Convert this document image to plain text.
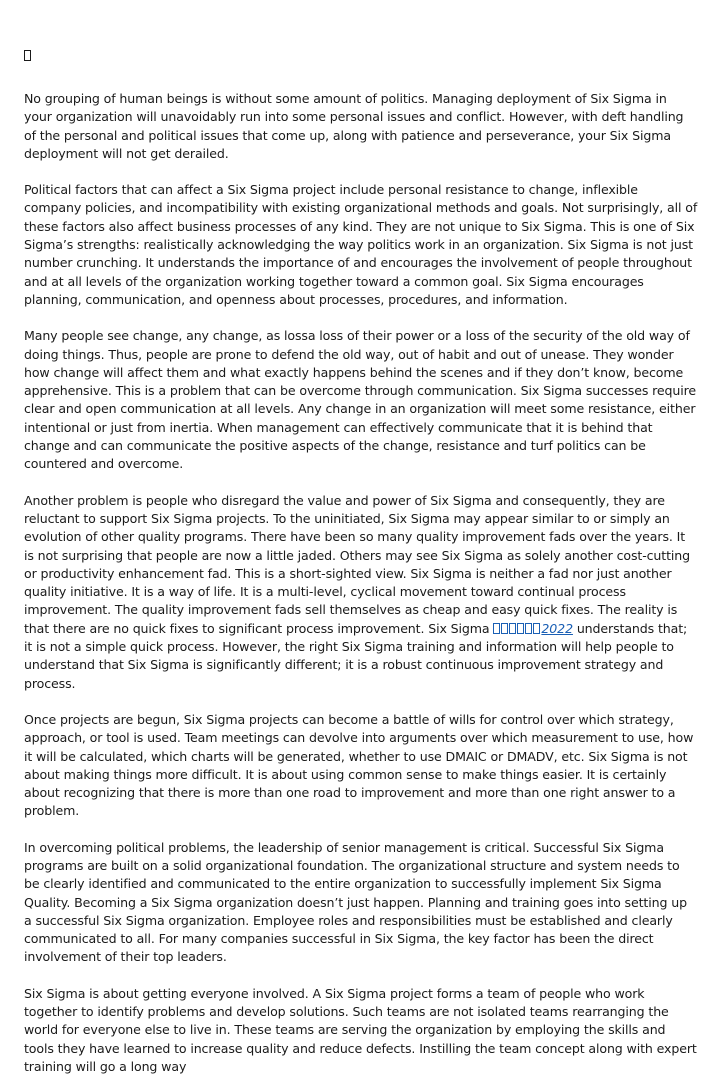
No grouping of human beings is without some amount of politics. Managing deployment of Six Sigma in your organization will unavoidably run into some personal issues and conflict. However, with deft handling of the personal and political issues that come up, along with patience and perseverance, your Six Sigma deployment will not get derailed.

Political factors that can affect a Six Sigma project include personal resistance to change, inflexible company policies, and incompatibility with existing organizational methods and goals. Not surprisingly, all of these factors also affect business processes of any kind. They are not unique to Six Sigma. This is one of Six Sigma’s strengths: realistically acknowledging the way politics work in an organization. Six Sigma is not just number crunching. It understands the importance of and encourages the involvement of people throughout and at all levels of the organization working together toward a common goal. Six Sigma encourages planning, communication, and openness about processes, procedures, and information.

Many people see change, any change, as lossa loss of their power or a loss of the security of the old way of doing things. Thus, people are prone to defend the old way, out of habit and out of unease. They wonder how change will affect them and what exactly happens behind the scenes and if they don’t know, become apprehensive. This is a problem that can be overcome through communication. Six Sigma successes require clear and open communication at all levels. Any change in an organization will meet some resistance, either intentional or just from inertia. When management can effectively communicate that it is behind that change and can communicate the positive aspects of the change, resistance and turf politics can be countered and overcome.

Another problem is people who disregard the value and power of Six Sigma and consequently, they are reluctant to support Six Sigma projects. To the uninitiated, Six Sigma may appear similar to or simply an evolution of other quality programs. There have been so many quality improvement fads over the years. It is not surprising that people are now a little jaded. Others may see Six Sigma as solely another cost-cutting or productivity enhancement fad. This is a short-sighted view. Six Sigma is neither a fad nor just another quality initiative. It is a way of life. It is a multi-level, cyclical movement toward continual process improvement. The quality improvement fads sell themselves as cheap and easy quick fixes. The reality is that there are no quick fixes to significant process improvement. Six Sigma	2022 understands that; it is not a simple quick process. However, the right Six Sigma training and information will help people to understand that Six Sigma is significantly different; it is a robust continuous improvement strategy and process.

Once projects are begun, Six Sigma projects can become a battle of wills for control over which strategy, approach, or tool is used. Team meetings can devolve into arguments over which measurement to use, how it will be calculated, which charts will be generated, whether to use DMAIC or DMADV, etc. Six Sigma is not about making things more difficult. It is about using common sense to make things easier. It is certainly about recognizing that there is more than one road to improvement and more than one right answer to a problem.

In overcoming political problems, the leadership of senior management is critical. Successful Six Sigma programs are built on a solid organizational foundation. The organizational structure and system needs to be clearly identified and communicated to the entire organization to successfully implement Six Sigma Quality. Becoming a Six Sigma organization doesn’t just happen. Planning and training goes into setting up a successful Six Sigma organization. Employee roles and responsibilities must be established and clearly communicated to all. For many companies successful in Six Sigma, the key factor has been the direct involvement of their top leaders.

Six Sigma is about getting everyone involved. A Six Sigma project forms a team of people who work together to identify problems and develop solutions. Such teams are not isolated teams rearranging the world for everyone else to live in. These teams are serving the organization by employing the skills and tools they have learned to increase quality and reduce defects. Instilling the team concept along with expert training will go a long way
